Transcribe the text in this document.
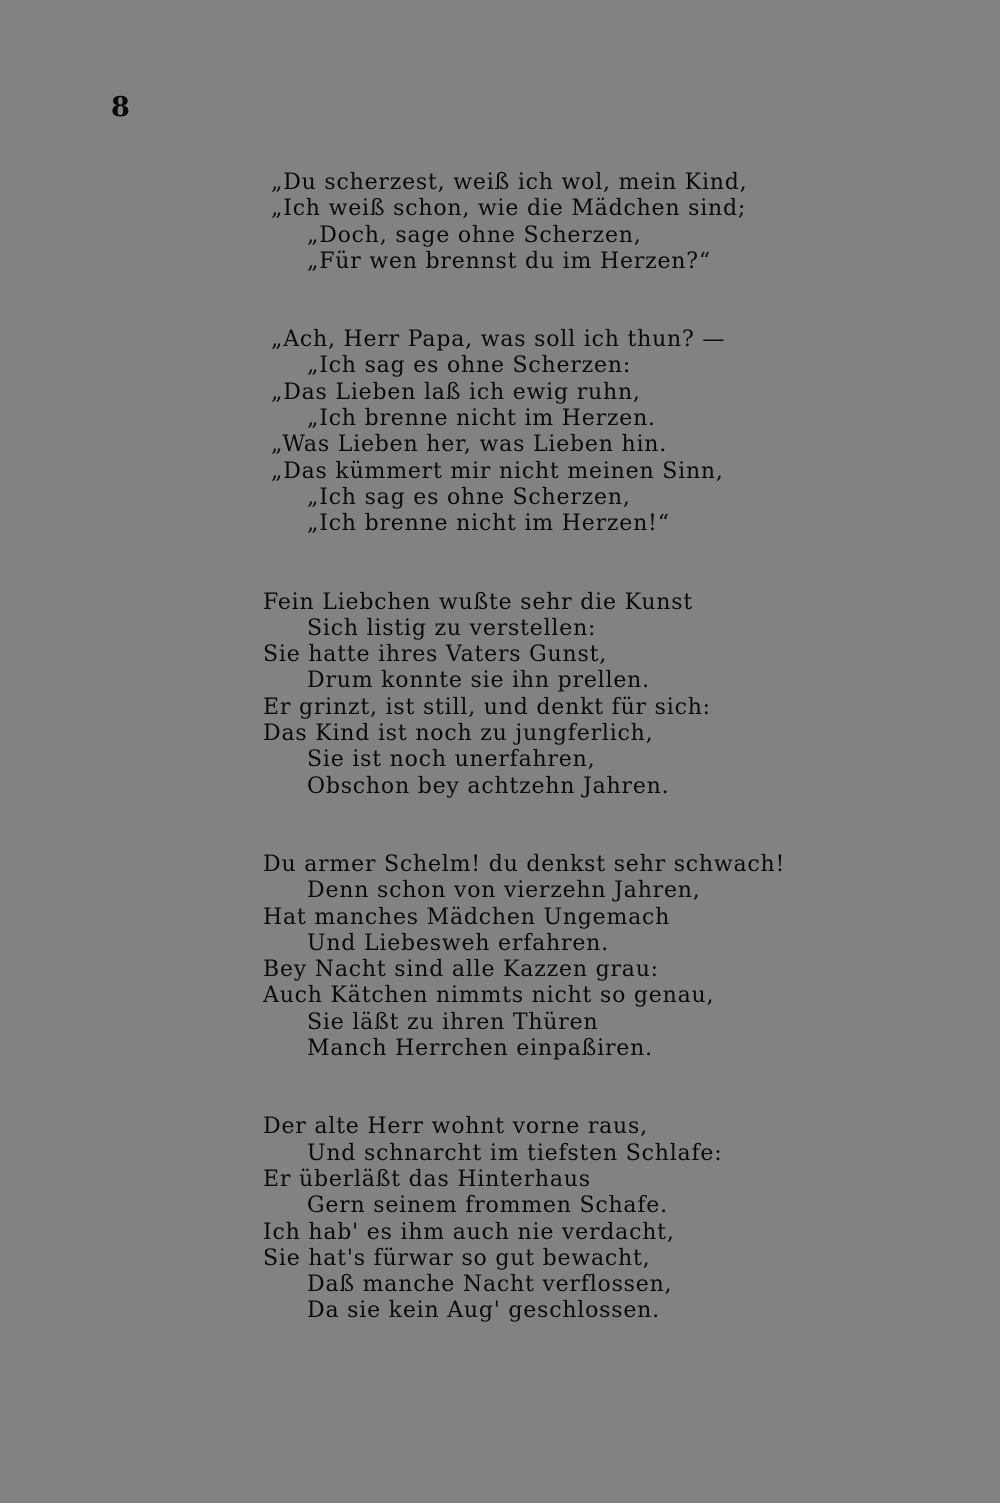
8
„Du scherzest, weiß ich wol, mein Kind,
„Ich weiß schon, wie die Mädchen sind;
„Doch, sage ohne Scherzen,
„Für wen brennst du im Herzen?“
„Ach, Herr Papa, was soll ich thun? —
„Ich sag es ohne Scherzen:
„Das Lieben laß ich ewig ruhn,
„Ich brenne nicht im Herzen.
„Was Lieben her, was Lieben hin.
„Das kümmert mir nicht meinen Sinn,
„Ich sag es ohne Scherzen,
„Ich brenne nicht im Herzen!“
Fein Liebchen wußte sehr die Kunst
Sich listig zu verstellen:
Sie hatte ihres Vaters Gunst,
Drum konnte sie ihn prellen.
Er grinzt, ist still, und denkt für sich:
Das Kind ist noch zu jungferlich,
Sie ist noch unerfahren,
Obschon bey achtzehn Jahren.
Du armer Schelm! du denkst sehr schwach!
Denn schon von vierzehn Jahren,
Hat manches Mädchen Ungemach
Und Liebesweh erfahren.
Bey Nacht sind alle Kazzen grau:
Auch Kätchen nimmts nicht so genau,
Sie läßt zu ihren Thüren
Manch Herrchen einpaßiren.
Der alte Herr wohnt vorne raus,
Und schnarcht im tiefsten Schlafe:
Er überläßt das Hinterhaus
Gern seinem frommen Schafe.
Ich hab' es ihm auch nie verdacht,
Sie hat's fürwar so gut bewacht,
Daß manche Nacht verflossen,
Da sie kein Aug' geschlossen.
